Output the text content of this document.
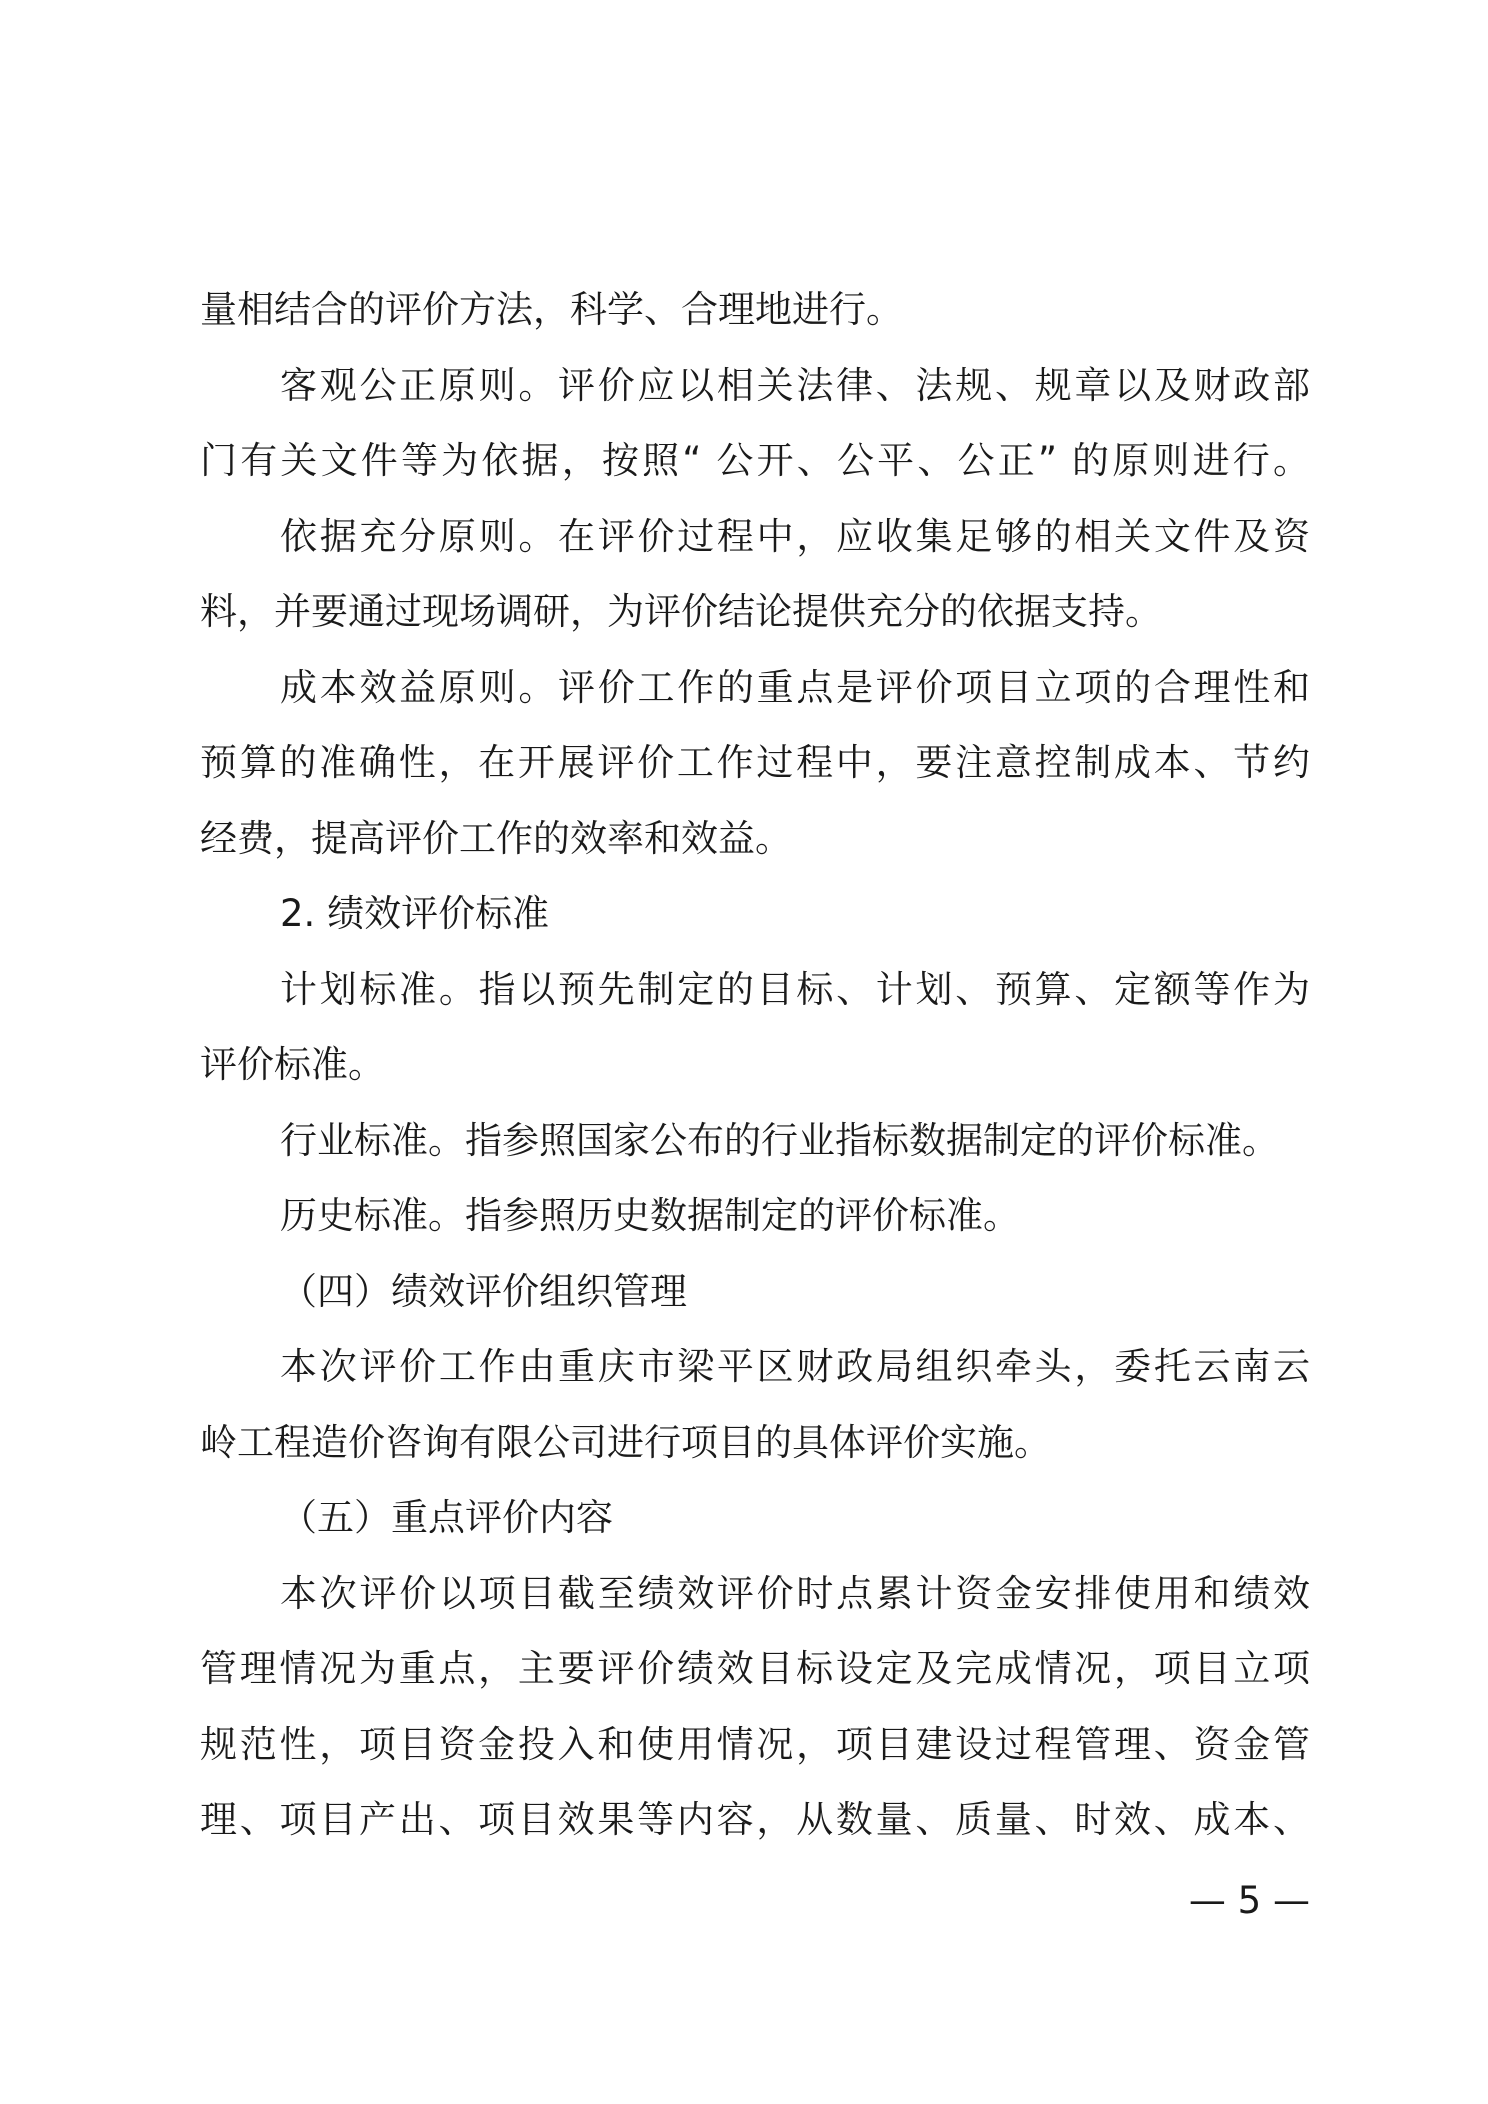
量相结合的评价方法，科学、合理地进行。
客观公正原则。评价应以相关法律、法规、规章以及财政部
门有关文件等为依据，按照“ 公开、公平、公正” 的原则进行。
依据充分原则。在评价过程中，应收集足够的相关文件及资
料，并要通过现场调研，为评价结论提供充分的依据支持。
成本效益原则。评价工作的重点是评价项目立项的合理性和
预算的准确性，在开展评价工作过程中，要注意控制成本、节约
经费，提高评价工作的效率和效益。
2. 绩效评价标准
计划标准。指以预先制定的目标、计划、预算、定额等作为
评价标准。
行业标准。指参照国家公布的行业指标数据制定的评价标准。
历史标准。指参照历史数据制定的评价标准。
（四）绩效评价组织管理
本次评价工作由重庆市梁平区财政局组织牵头，委托云南云
岭工程造价咨询有限公司进行项目的具体评价实施。
（五）重点评价内容
本次评价以项目截至绩效评价时点累计资金安排使用和绩效
管理情况为重点，主要评价绩效目标设定及完成情况，项目立项
规范性，项目资金投入和使用情况，项目建设过程管理、资金管
理、项目产出、项目效果等内容，从数量、质量、时效、成本、
— 5 —
